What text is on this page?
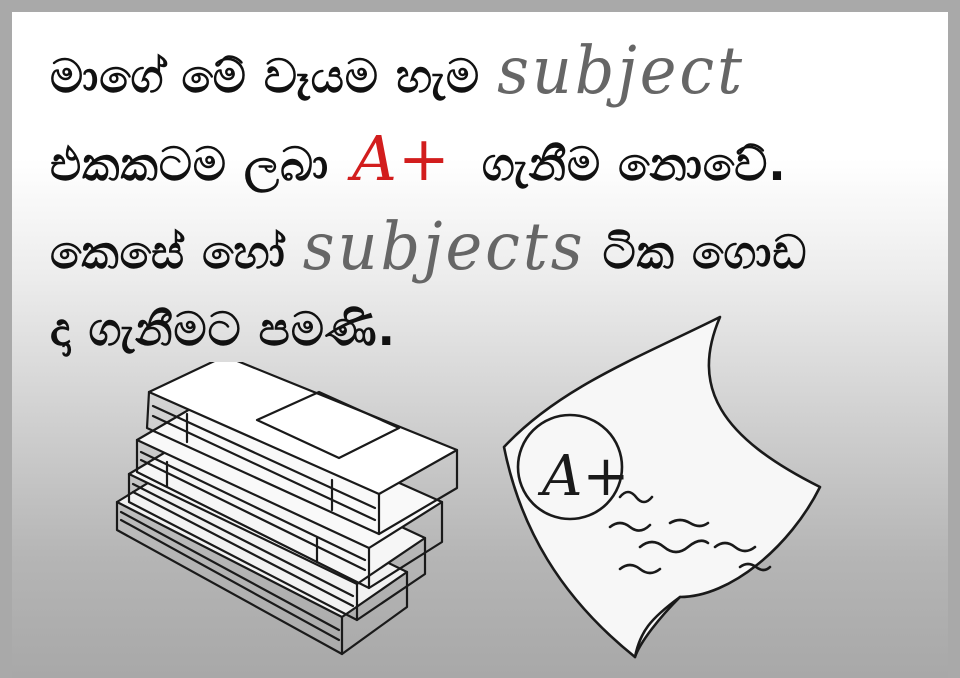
මාගේ මේ වෑයම හැම subject
එකකටම ලබා A+ ගැනීම නොවේ.
කෙසේ හෝ subjects ටික ගොඩ
දා ගැනීමට පමණි.
A+
